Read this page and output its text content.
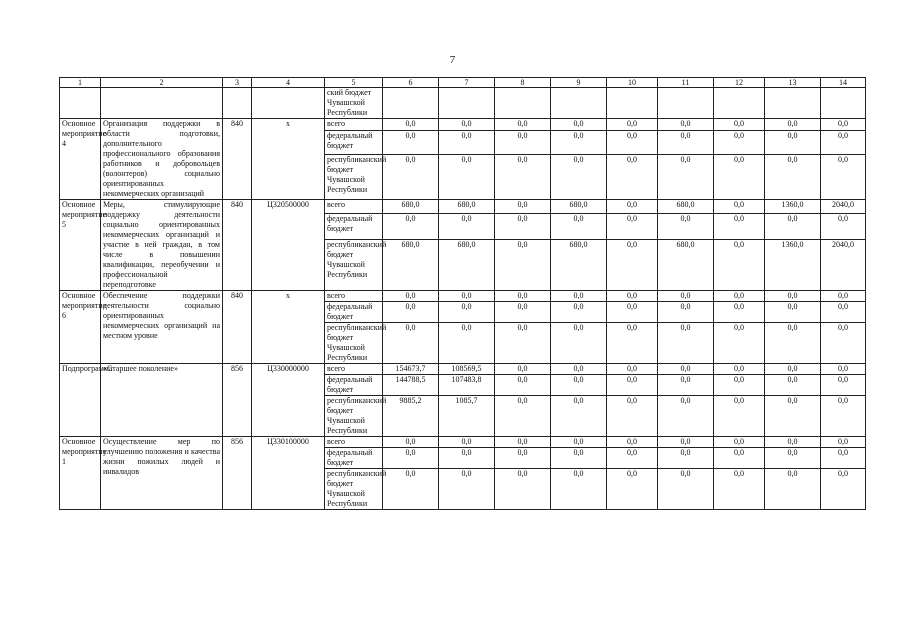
7
1	2	3	4	5	6	7	8	9	10	11	12	13	14
				ский бюджет Чувашской Республики									
Основное мероприятие 4	Организация поддержки в области подготовки, дополнительного профессионального образования работников и добровольцев (волонтеров) социально ориентированных некоммерческих организаций	840	х	всего	0,0	0,0	0,0	0,0	0,0	0,0	0,0	0,0	0,0
				федеральный бюджет	0,0	0,0	0,0	0,0	0,0	0,0	0,0	0,0	0,0
				республиканский бюджет Чувашской Республики	0,0	0,0	0,0	0,0	0,0	0,0	0,0	0,0	0,0
Основное мероприятие 5	Меры, стимулирующие поддержку деятельности социально ориентированных некоммерческих организаций и участие в ней граждан, в том числе в повышении квалификации, переобучении и профессиональной переподготовке	840	Ц320500000	всего	680,0	680,0	0,0	680,0	0,0	680,0	0,0	1360,0	2040,0
				федеральный бюджет	0,0	0,0	0,0	0,0	0,0	0,0	0,0	0,0	0,0
				республиканский бюджет Чувашской Республики	680,0	680,0	0,0	680,0	0,0	680,0	0,0	1360,0	2040,0
Основное мероприятие 6	Обеспечение поддержки деятельности социально ориентированных некоммерческих организаций на местном уровне	840	х	всего	0,0	0,0	0,0	0,0	0,0	0,0	0,0	0,0	0,0
				федеральный бюджет	0,0	0,0	0,0	0,0	0,0	0,0	0,0	0,0	0,0
				республиканский бюджет Чувашской Республики	0,0	0,0	0,0	0,0	0,0	0,0	0,0	0,0	0,0
Подпрограмма	«Старшее поколение»	856	Ц330000000	всего	154673,7	108569,5	0,0	0,0	0,0	0,0	0,0	0,0	0,0
				федеральный бюджет	144788,5	107483,8	0,0	0,0	0,0	0,0	0,0	0,0	0,0
				республиканский бюджет Чувашской Республики	9885,2	1085,7	0,0	0,0	0,0	0,0	0,0	0,0	0,0
Основное мероприятие 1	Осуществление мер по улучшению положения и качества жизни пожилых людей и инвалидов	856	Ц330100000	всего	0,0	0,0	0,0	0,0	0,0	0,0	0,0	0,0	0,0
				федеральный бюджет	0,0	0,0	0,0	0,0	0,0	0,0	0,0	0,0	0,0
				республиканский бюджет Чувашской Республики	0,0	0,0	0,0	0,0	0,0	0,0	0,0	0,0	0,0
